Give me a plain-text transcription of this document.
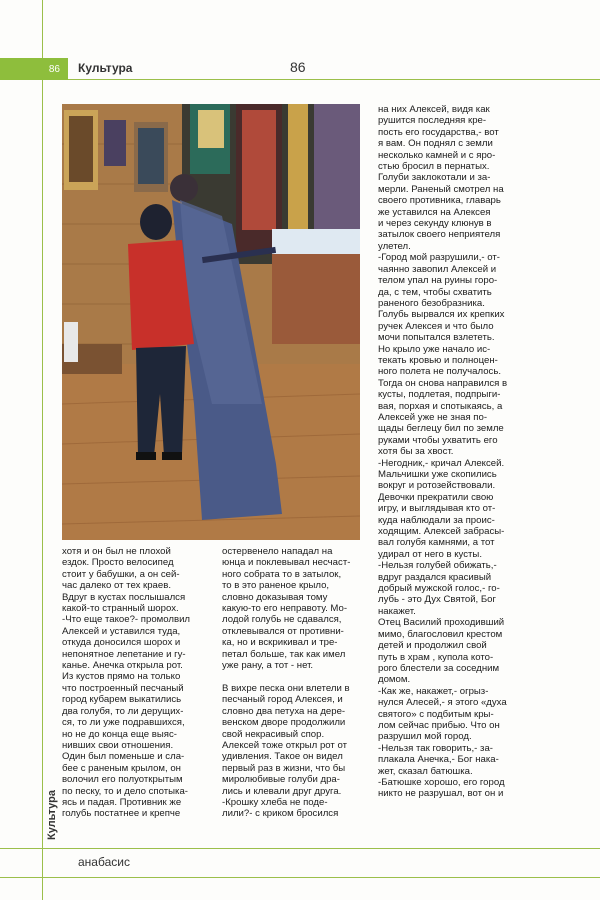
86	Культура	86
Культура
анабасис

на них Алексей, видя как
рушится последняя кре-
пость его государства,- вот
я вам. Он поднял с земли
несколько камней и с яро-
стью бросил в пернатых.
Голуби заклокотали и за-
мерли. Раненый смотрел на
своего противника, главарь
же уставился на Алексея
и через секунду клюнув в
затылок своего неприятеля
улетел.
-Город мой разрушили,- от-
чаянно завопил Алексей и
телом упал на руины горо-
да, с тем, чтобы схватить
раненого безобразника.
Голубь вырвался их крепких
ручек Алексея и что было
мочи попытался взлететь.
Но крыло уже начало ис-
текать кровью и полноцен-
ного полета не получалось.
Тогда он снова направился в
кусты, подлетая, подпрыги-
вая, порхая и спотыкаясь, а
Алексей уже не зная по-
щады беглецу бил по земле
руками чтобы ухватить его
хотя бы за хвост.
-Негодник,- кричал Алексей.
Мальчишки уже скопились
вокруг и ротозействовали.
Девочки прекратили свою
игру, и выглядывая кто от-
куда наблюдали за проис-
ходящим. Алексей забрасы-
вал голубя камнями, а тот
удирал от него в кусты.
-Нельзя голубей обижать,-
вдруг раздался красивый
добрый мужской голос,- го-
лубь - это Дух Святой, Бог
накажет.
Отец Василий проходивший
мимо, благословил крестом
детей и продолжил свой
путь в храм , купола кото-
рого блестели за соседним
домом.
-Как же, накажет,- огрыз-
нулся Алесей,- я этого «духа
святого» с подбитым кры-
лом сейчас прибью. Что он
разрушил мой город.
-Нельзя так говорить,- за-
плакала Анечка,- Бог нака-
жет, сказал батюшка.
-Батюшке хорошо, его город
никто не разрушал, вот он и

хотя и он был не плохой
ездок. Просто велосипед
стоит у бабушки, а он сей-
час далеко от тех краев.
Вдруг в кустах послышался
какой-то странный шорох.
-Что еще такое?- промолвил
Алексей и уставился туда,
откуда доносился шорох и
непонятное лепетание и гу-
канье. Анечка открыла рот.
Из кустов прямо на только
что построенный песчаный
город кубарем выкатились
два голубя, то ли дерущих-
ся, то ли уже подравшихся,
но не до конца еще выяс-
нивших свои отношения.
Один был поменьше и сла-
бее с раненым крылом, он
волочил его полуоткрытым
по песку, то и дело спотыка-
ясь и падая. Противник же
голубь постатнее и крепче

остервенело нападал на
юнца и поклевывал несчаст-
ного собрата то в затылок,
то в это раненое крыло,
словно доказывая тому
какую-то его неправоту. Мо-
лодой голубь не сдавался,
отклевывался от противни-
ка, но и вскрикивал и тре-
петал больше, так как имел
уже рану, а тот - нет.

В вихре песка они влетели в
песчаный город Алексея, и
словно два петуха на дере-
венском дворе продолжили
свой некрасивый спор.
Алексей тоже открыл рот от
удивления. Такое он видел
первый раз в жизни, что бы
миролюбивые голуби дра-
лись и клевали друг друга.
-Крошку хлеба не поде-
лили?- с криком бросился
